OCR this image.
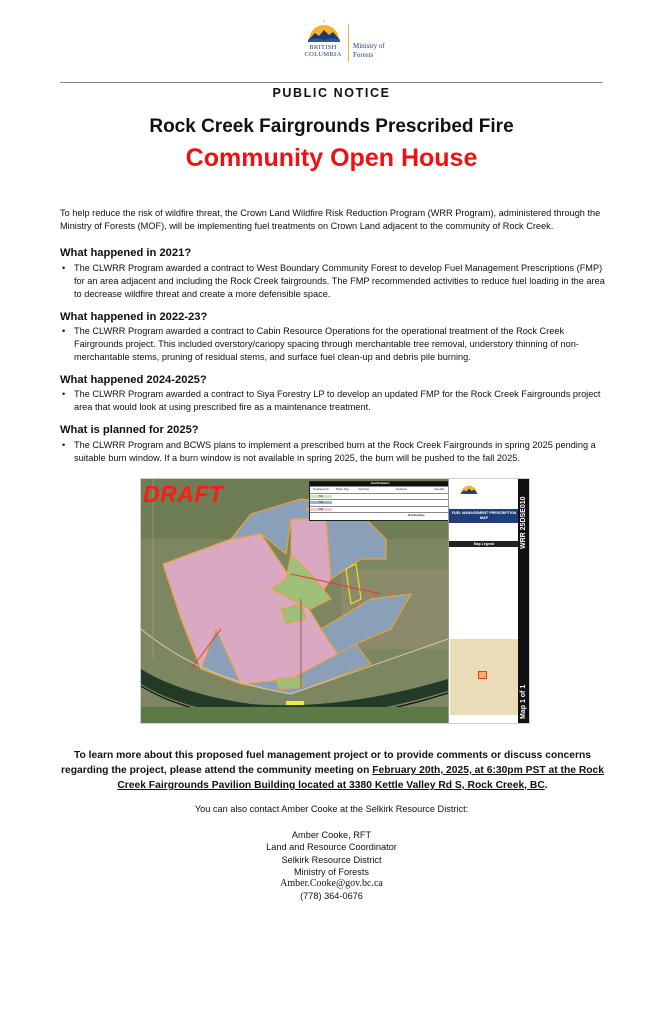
BRITISH
COLUMBIA
Ministry of
Forests
PUBLIC NOTICE
Rock Creek Fairgrounds Prescribed Fire
Community Open House
To help reduce the risk of wildfire threat, the Crown Land Wildfire Risk Reduction Program (WRR Program), administered through the Ministry of Forests (MOF), will be implementing fuel treatments on Crown Land adjacent to the community of Rock Creek.
What happened in 2021?
• The CLWRR Program awarded a contract to West Boundary Community Forest to develop Fuel Management Prescriptions (FMP) for an area adjacent and including the Rock Creek fairgrounds. The FMP recommended activities to reduce fuel loading in the area to decrease wildfire threat and create a more defensible space.
What happened in 2022-23?
• The CLWRR Program awarded a contract to Cabin Resource Operations for the operational treatment of the Rock Creek Fairgrounds project. This included overstory/canopy spacing through merchantable tree removal, understory thinning of non-merchantable stems, pruning of residual stems, and surface fuel clean-up and debris pile burning.
What happened 2024-2025?
• The CLWRR Program awarded a contract to Siya Forestry LP to develop an updated FMP for the Rock Creek Fairgrounds project area that would look at using prescribed fire as a maintenance treatment.
What is planned for 2025?
• The CLWRR Program and BCWS plans to implement a prescribed burn at the Rock Creek Fairgrounds in spring 2025 pending a suitable burn window. If a burn window is not available in spring 2025, the burn will be pushed to the fall 2025.
DRAFT	Area Breakdown
Treatment Unit	Timber Type	Fuel Type	Treatment	Area (ha)
TU1
TU2
TU3
Area Summary
FUEL MANAGEMENT PRESCRIPTION MAP
Map Legend	WRR 25DSE010
Map 1 of 1
To learn more about this proposed fuel management project or to provide comments or discuss concerns regarding the project, please attend the community meeting on February 20th, 2025, at 6:30pm PST at the Rock Creek Fairgrounds Pavilion Building located at 3380 Kettle Valley Rd S, Rock Creek, BC.
You can also contact Amber Cooke at the Selkirk Resource District:
Amber Cooke, RFT
Land and Resource Coordinator
Selkirk Resource District
Ministry of Forests
Amber.Cooke@gov.bc.ca
(778) 364-0676
